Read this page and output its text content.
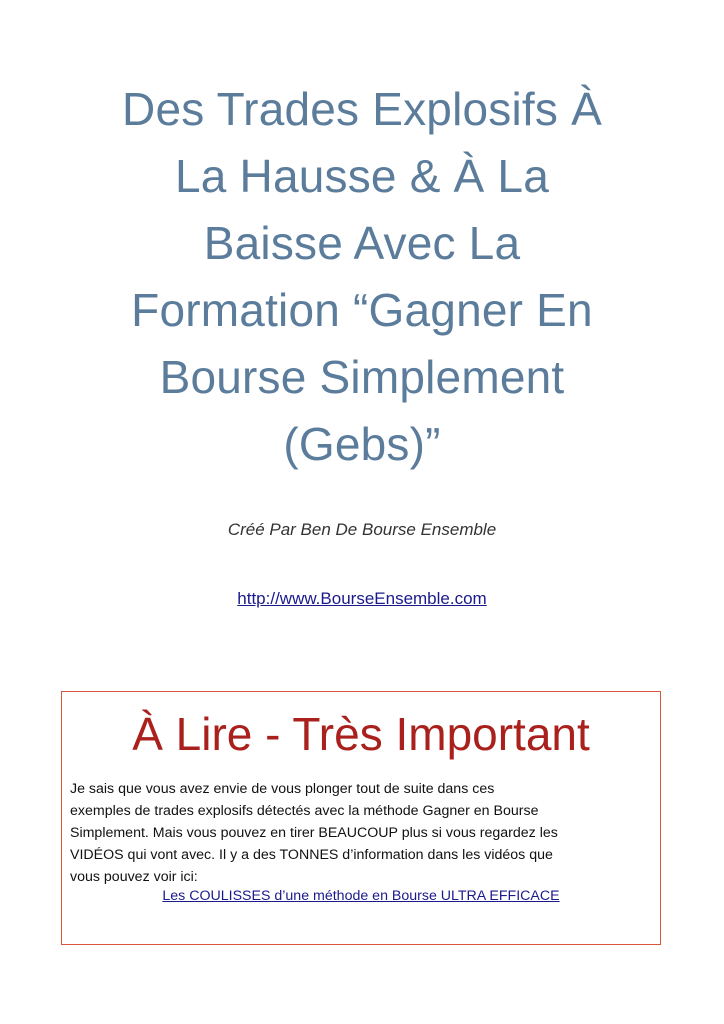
Des Trades Explosifs À
La Hausse & À La
Baisse Avec La
Formation “Gagner En
Bourse Simplement
(Gebs)”
Créé Par Ben De Bourse Ensemble
http://www.BourseEnsemble.com
À Lire - Très Important

Je sais que vous avez envie de vous plonger tout de suite dans ces
exemples de trades explosifs détectés avec la méthode Gagner en Bourse
Simplement. Mais vous pouvez en tirer BEAUCOUP plus si vous regardez les
VIDÉOS qui vont avec. Il y a des TONNES d’information dans les vidéos que
vous pouvez voir ici:

Les COULISSES d’une méthode en Bourse ULTRA EFFICACE
